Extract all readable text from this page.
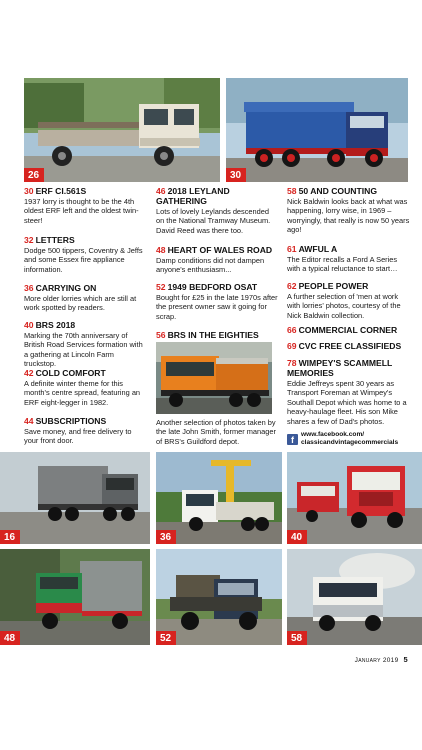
26	30
30 ERF CI.561S
1937 lorry is thought to be the 4th oldest ERF left and the oldest twin-steer!
32 LETTERS
Dodge 500 tippers, Coventry & Jeffs and some Essex fire appliance information.
36 CARRYING ON
More older lorries which are still at work spotted by readers.
40 BRS 2018
Marking the 70th anniversary of British Road Services formation with a gathering at Lincoln Farm truckstop.
42 COLD COMFORT
A definite winter theme for this month's centre spread, featuring an ERF eight-legger in 1982.
44 SUBSCRIPTIONS
Save money, and free delivery to your front door.
46 2018 LEYLAND GATHERING
Lots of lovely Leylands descended on the National Tramway Museum. David Reed was there too.
48 HEART OF WALES ROAD
Damp conditions did not dampen anyone's enthusiasm...
52 1949 BEDFORD OSAT
Bought for £25 in the late 1970s after the present owner saw it going for scrap.
56 BRS IN THE EIGHTIES
Another selection of photos taken by the late John Smith, former manager of BRS's Guildford depot.
58 50 AND COUNTING
Nick Baldwin looks back at what was happening, lorry wise, in 1969 – worryingly, that really is now 50 years ago!
61 AWFUL A
The Editor recalls a Ford A Series with a typical reluctance to start…
62 PEOPLE POWER
A further selection of 'men at work with lorries' photos, courtesy of the Nick Baldwin collection.
66 COMMERCIAL CORNER
69 CVC FREE CLASSIFIEDS
78 WIMPEY'S SCAMMELL MEMORIES
Eddie Jeffreys spent 30 years as Transport Foreman at Wimpey's Southall Depot which was home to a heavy-haulage fleet. His son Mike shares a few of Dad's photos.
f	www.facebook.com/
classicandvintagecommercials
16	36	40
48	52	58
January 2019 5
